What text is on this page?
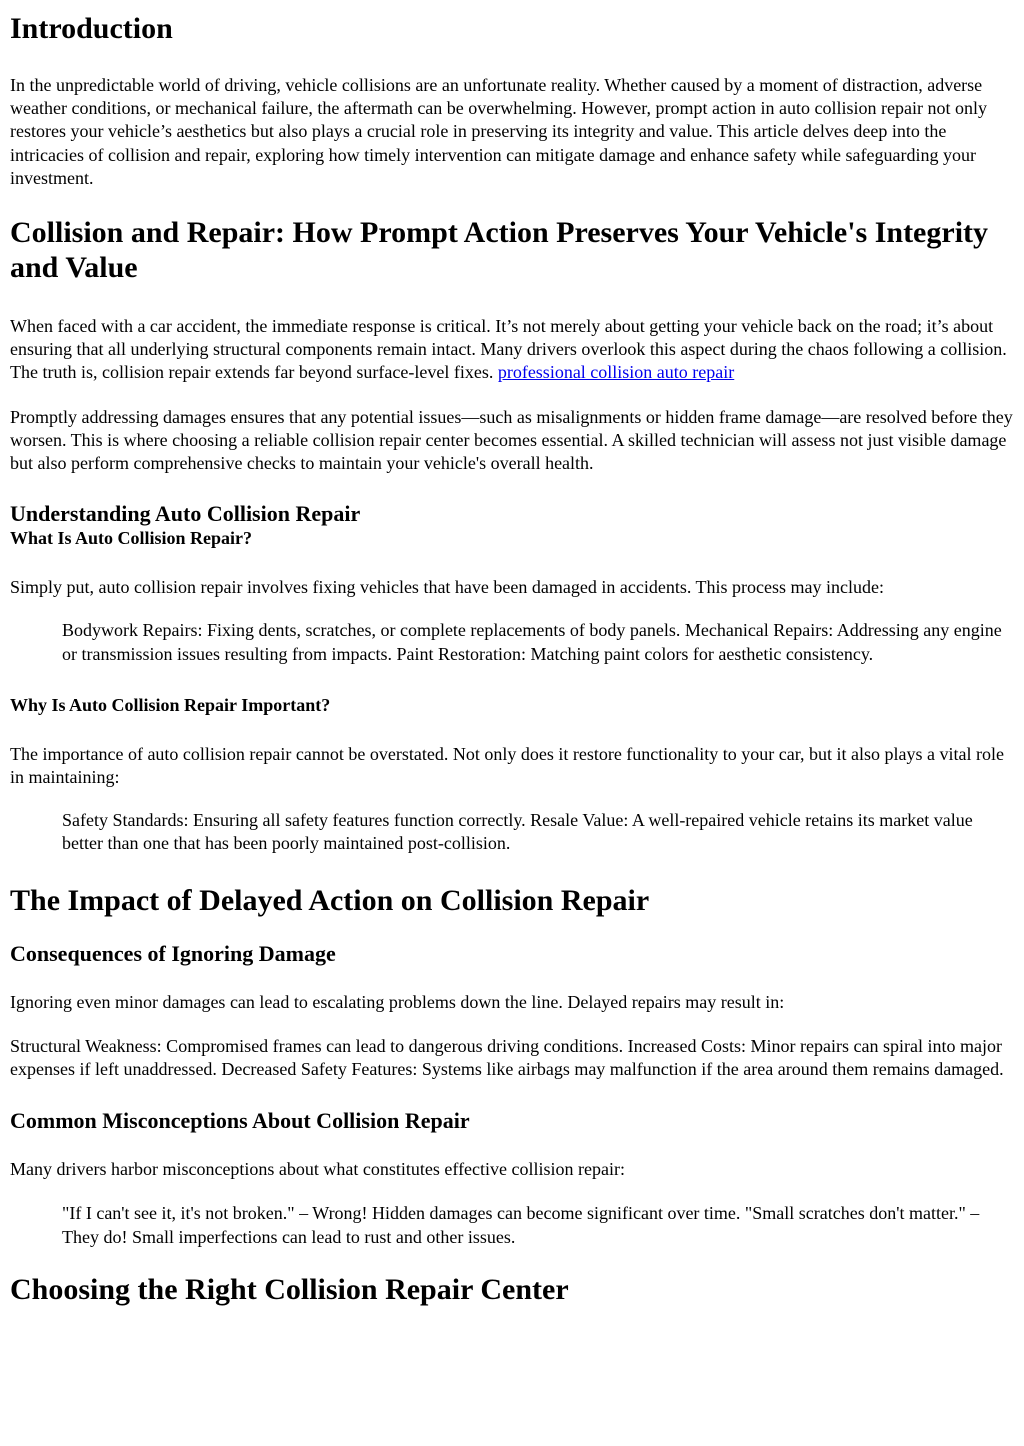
Introduction

In the unpredictable world of driving, vehicle collisions are an unfortunate reality. Whether caused by a moment of distraction, adverse weather conditions, or mechanical failure, the aftermath can be overwhelming. However, prompt action in auto collision repair not only restores your vehicle’s aesthetics but also plays a crucial role in preserving its integrity and value. This article delves deep into the intricacies of collision and repair, exploring how timely intervention can mitigate damage and enhance safety while safeguarding your investment.

Collision and Repair: How Prompt Action Preserves Your Vehicle's Integrity and Value

When faced with a car accident, the immediate response is critical. It’s not merely about getting your vehicle back on the road; it’s about ensuring that all underlying structural components remain intact. Many drivers overlook this aspect during the chaos following a collision. The truth is, collision repair extends far beyond surface-level fixes. professional collision auto repair

Promptly addressing damages ensures that any potential issues—such as misalignments or hidden frame damage—are resolved before they worsen. This is where choosing a reliable collision repair center becomes essential. A skilled technician will assess not just visible damage but also perform comprehensive checks to maintain your vehicle's overall health.

Understanding Auto Collision Repair
What Is Auto Collision Repair?

Simply put, auto collision repair involves fixing vehicles that have been damaged in accidents. This process may include:

Bodywork Repairs: Fixing dents, scratches, or complete replacements of body panels. Mechanical Repairs: Addressing any engine or transmission issues resulting from impacts. Paint Restoration: Matching paint colors for aesthetic consistency.
Why Is Auto Collision Repair Important?

The importance of auto collision repair cannot be overstated. Not only does it restore functionality to your car, but it also plays a vital role in maintaining:

Safety Standards: Ensuring all safety features function correctly. Resale Value: A well-repaired vehicle retains its market value better than one that has been poorly maintained post-collision.
The Impact of Delayed Action on Collision Repair
Consequences of Ignoring Damage

Ignoring even minor damages can lead to escalating problems down the line. Delayed repairs may result in:

Structural Weakness: Compromised frames can lead to dangerous driving conditions. Increased Costs: Minor repairs can spiral into major expenses if left unaddressed. Decreased Safety Features: Systems like airbags may malfunction if the area around them remains damaged.

Common Misconceptions About Collision Repair

Many drivers harbor misconceptions about what constitutes effective collision repair:

"If I can't see it, it's not broken." – Wrong! Hidden damages can become significant over time. "Small scratches don't matter." – They do! Small imperfections can lead to rust and other issues.
Choosing the Right Collision Repair Center
